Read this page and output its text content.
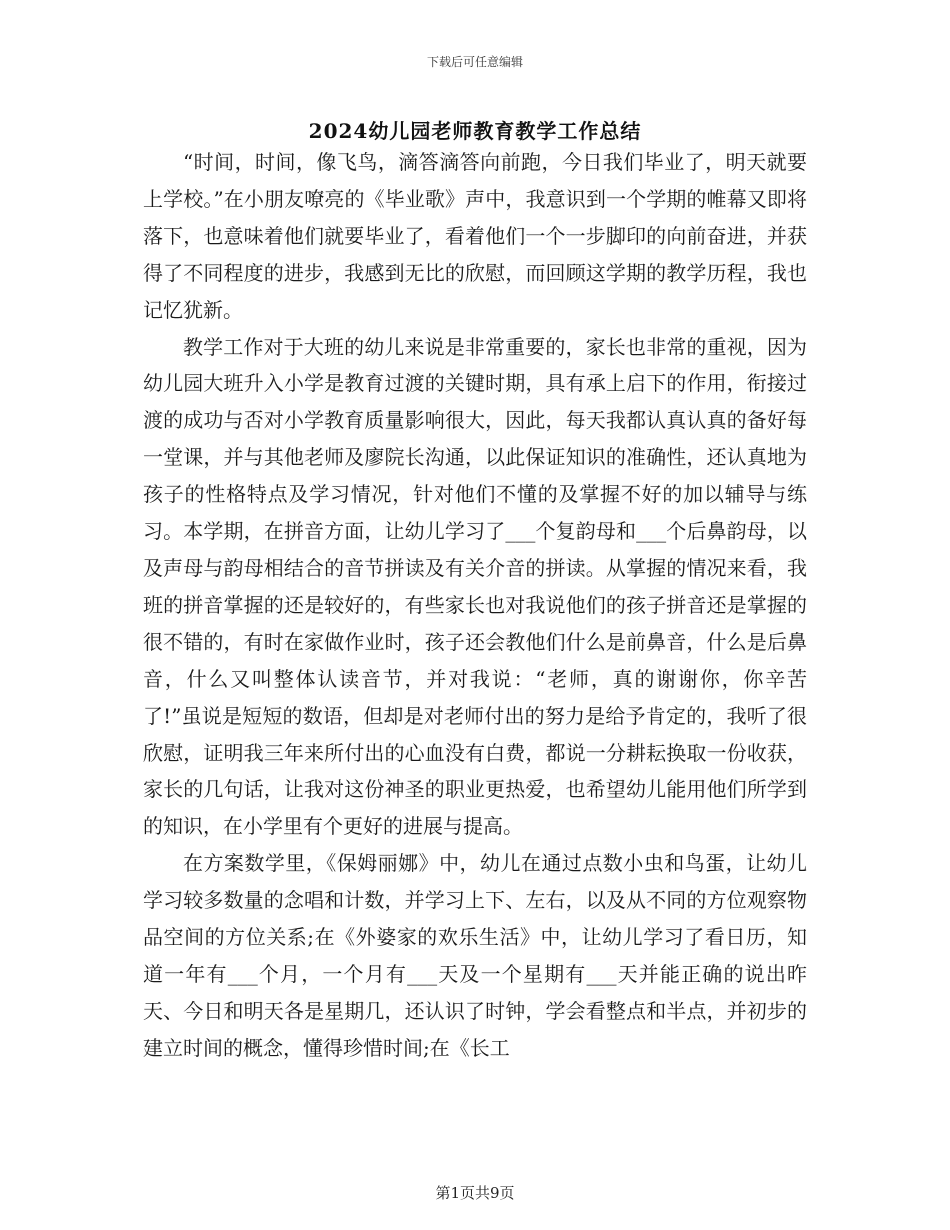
下载后可任意编辑
2024幼儿园老师教育教学工作总结

“时间，时间，像飞鸟，滴答滴答向前跑，今日我们毕业了，明天就要上学校。”在小朋友嘹亮的《毕业歌》声中，我意识到一个学期的帷幕又即将落下，也意味着他们就要毕业了，看着他们一个一步脚印的向前奋进，并获得了不同程度的进步，我感到无比的欣慰，而回顾这学期的教学历程，我也记忆犹新。

教学工作对于大班的幼儿来说是非常重要的，家长也非常的重视，因为幼儿园大班升入小学是教育过渡的关键时期，具有承上启下的作用，衔接过渡的成功与否对小学教育质量影响很大，因此，每天我都认真认真的备好每一堂课，并与其他老师及廖院长沟通，以此保证知识的准确性，还认真地为孩子的性格特点及学习情况，针对他们不懂的及掌握不好的加以辅导与练习。本学期，在拼音方面，让幼儿学习了___个复韵母和___个后鼻韵母，以及声母与韵母相结合的音节拼读及有关介音的拼读。从掌握的情况来看，我班的拼音掌握的还是较好的，有些家长也对我说他们的孩子拼音还是掌握的很不错的，有时在家做作业时，孩子还会教他们什么是前鼻音，什么是后鼻音，什么又叫整体认读音节，并对我说：“老师，真的谢谢你，你辛苦了!”虽说是短短的数语，但却是对老师付出的努力是给予肯定的，我听了很欣慰，证明我三年来所付出的心血没有白费，都说一分耕耘换取一份收获，家长的几句话，让我对这份神圣的职业更热爱，也希望幼儿能用他们所学到的知识，在小学里有个更好的进展与提高。

在方案数学里，《保姆丽娜》中，幼儿在通过点数小虫和鸟蛋，让幼儿学习较多数量的念唱和计数，并学习上下、左右，以及从不同的方位观察物品空间的方位关系;在《外婆家的欢乐生活》中，让幼儿学习了看日历，知道一年有___个月，一个月有___天及一个星期有___天并能正确的说出昨天、今日和明天各是星期几，还认识了时钟，学会看整点和半点，并初步的建立时间的概念，懂得珍惜时间;在《长工

第1页共9页
